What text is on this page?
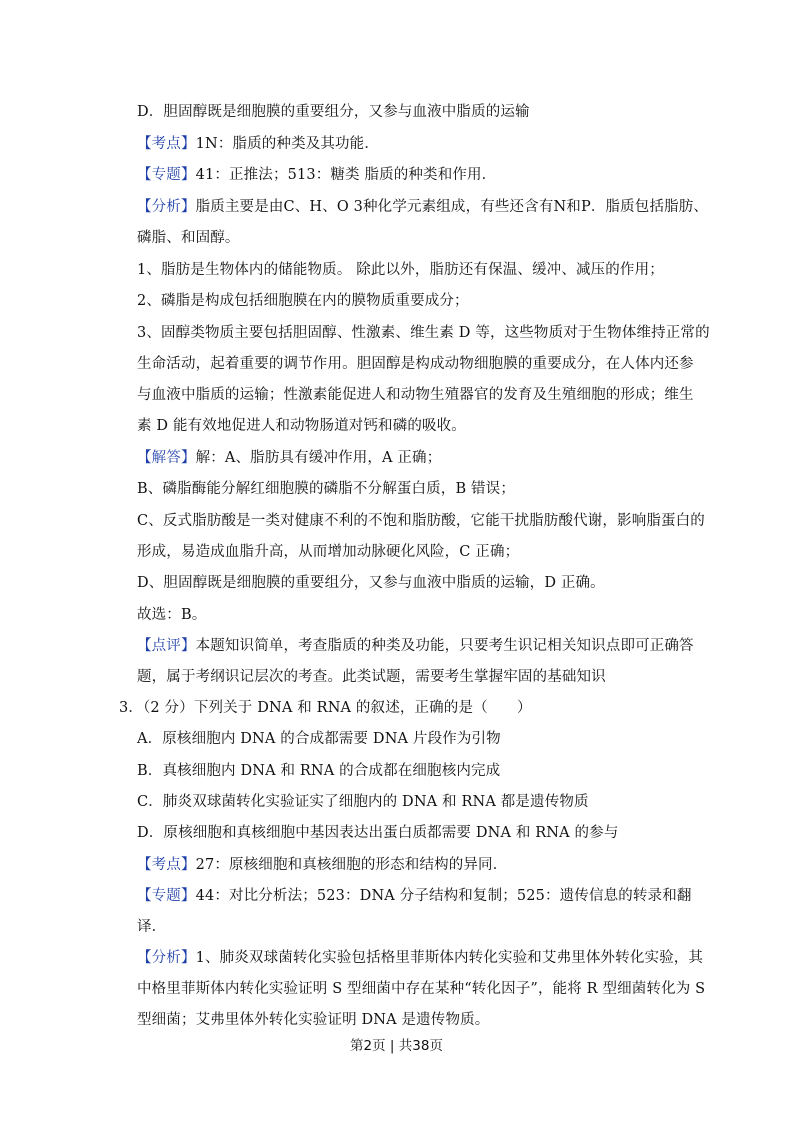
D．胆固醇既是细胞膜的重要组分，又参与血液中脂质的运输
【考点】1N：脂质的种类及其功能．
【专题】41：正推法；513：糖类 脂质的种类和作用．
【分析】脂质主要是由C、H、O 3种化学元素组成，有些还含有N和P．脂质包括脂肪、
磷脂、和固醇。
1、脂肪是生物体内的储能物质。 除此以外，脂肪还有保温、缓冲、减压的作用；
2、磷脂是构成包括细胞膜在内的膜物质重要成分；
3、固醇类物质主要包括胆固醇、性激素、维生素 D 等，这些物质对于生物体维持正常的
生命活动，起着重要的调节作用。胆固醇是构成动物细胞膜的重要成分，在人体内还参
与血液中脂质的运输；性激素能促进人和动物生殖器官的发育及生殖细胞的形成；维生
素 D 能有效地促进人和动物肠道对钙和磷的吸收。
【解答】解：A、脂肪具有缓冲作用，A 正确；
B、磷脂酶能分解红细胞膜的磷脂不分解蛋白质，B 错误；
C、反式脂肪酸是一类对健康不利的不饱和脂肪酸，它能干扰脂肪酸代谢，影响脂蛋白的
形成，易造成血脂升高，从而增加动脉硬化风险，C 正确；
D、胆固醇既是细胞膜的重要组分，又参与血液中脂质的运输，D 正确。
故选：B。
【点评】本题知识简单，考查脂质的种类及功能，只要考生识记相关知识点即可正确答
题，属于考纲识记层次的考查。此类试题，需要考生掌握牢固的基础知识
3．（2 分）下列关于 DNA 和 RNA 的叙述，正确的是（　　）
A．原核细胞内 DNA 的合成都需要 DNA 片段作为引物
B．真核细胞内 DNA 和 RNA 的合成都在细胞核内完成
C．肺炎双球菌转化实验证实了细胞内的 DNA 和 RNA 都是遗传物质
D．原核细胞和真核细胞中基因表达出蛋白质都需要 DNA 和 RNA 的参与
【考点】27：原核细胞和真核细胞的形态和结构的异同．
【专题】44：对比分析法；523：DNA 分子结构和复制；525：遗传信息的转录和翻
译．
【分析】1、肺炎双球菌转化实验包括格里菲斯体内转化实验和艾弗里体外转化实验，其
中格里菲斯体内转化实验证明 S 型细菌中存在某种“转化因子”，能将 R 型细菌转化为 S
型细菌；艾弗里体外转化实验证明 DNA 是遗传物质。
第2页 | 共38页
